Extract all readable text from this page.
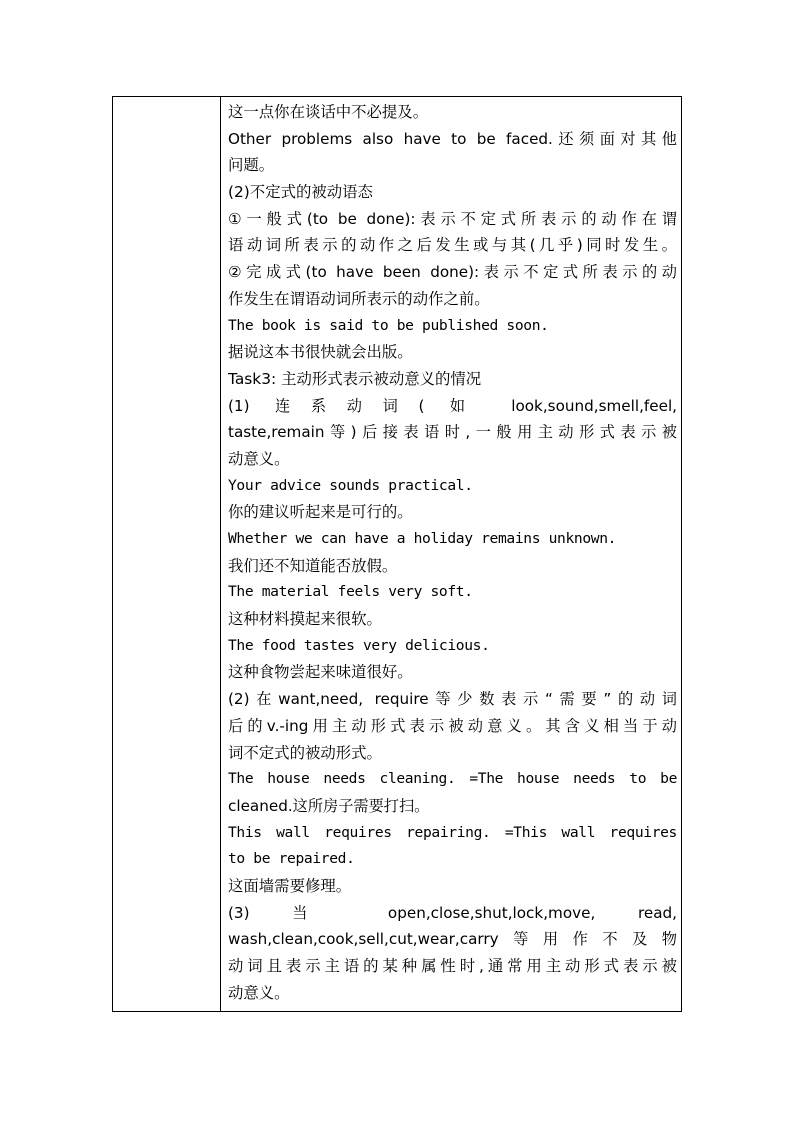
这一点你在谈话中不必提及。
Other problems also have to be faced.还须面对其他
问题。
(2)不定式的被动语态
①一般式(to be done):表示不定式所表示的动作在谓
语动词所表示的动作之后发生或与其(几乎)同时发生。
②完成式(to have been done):表示不定式所表示的动
作发生在谓语动词所表示的动作之前。
The book is said to be published soon.
据说这本书很快就会出版。
Task3: 主动形式表示被动意义的情况
(1) 连系动词( 如 look,sound,smell,feel,
taste,remain等)后接表语时,一般用主动形式表示被
动意义。
Your advice sounds practical.
你的建议听起来是可行的。
Whether we can have a holiday remains unknown.
我们还不知道能否放假。
The material feels very soft.
这种材料摸起来很软。
The food tastes very delicious.
这种食物尝起来味道很好。
(2)在want,need, require等少数表示“需要”的动词
后的v.-ing用主动形式表示被动意义。其含义相当于动
词不定式的被动形式。
The house needs cleaning. =The house needs to be
cleaned.这所房子需要打扫。
This wall requires repairing. =This wall requires
to be repaired.
这面墙需要修理。
(3) 当 open,close,shut,lock,move, read,
wash,clean,cook,sell,cut,wear,carry等用作不及物
动词且表示主语的某种属性时,通常用主动形式表示被
动意义。
